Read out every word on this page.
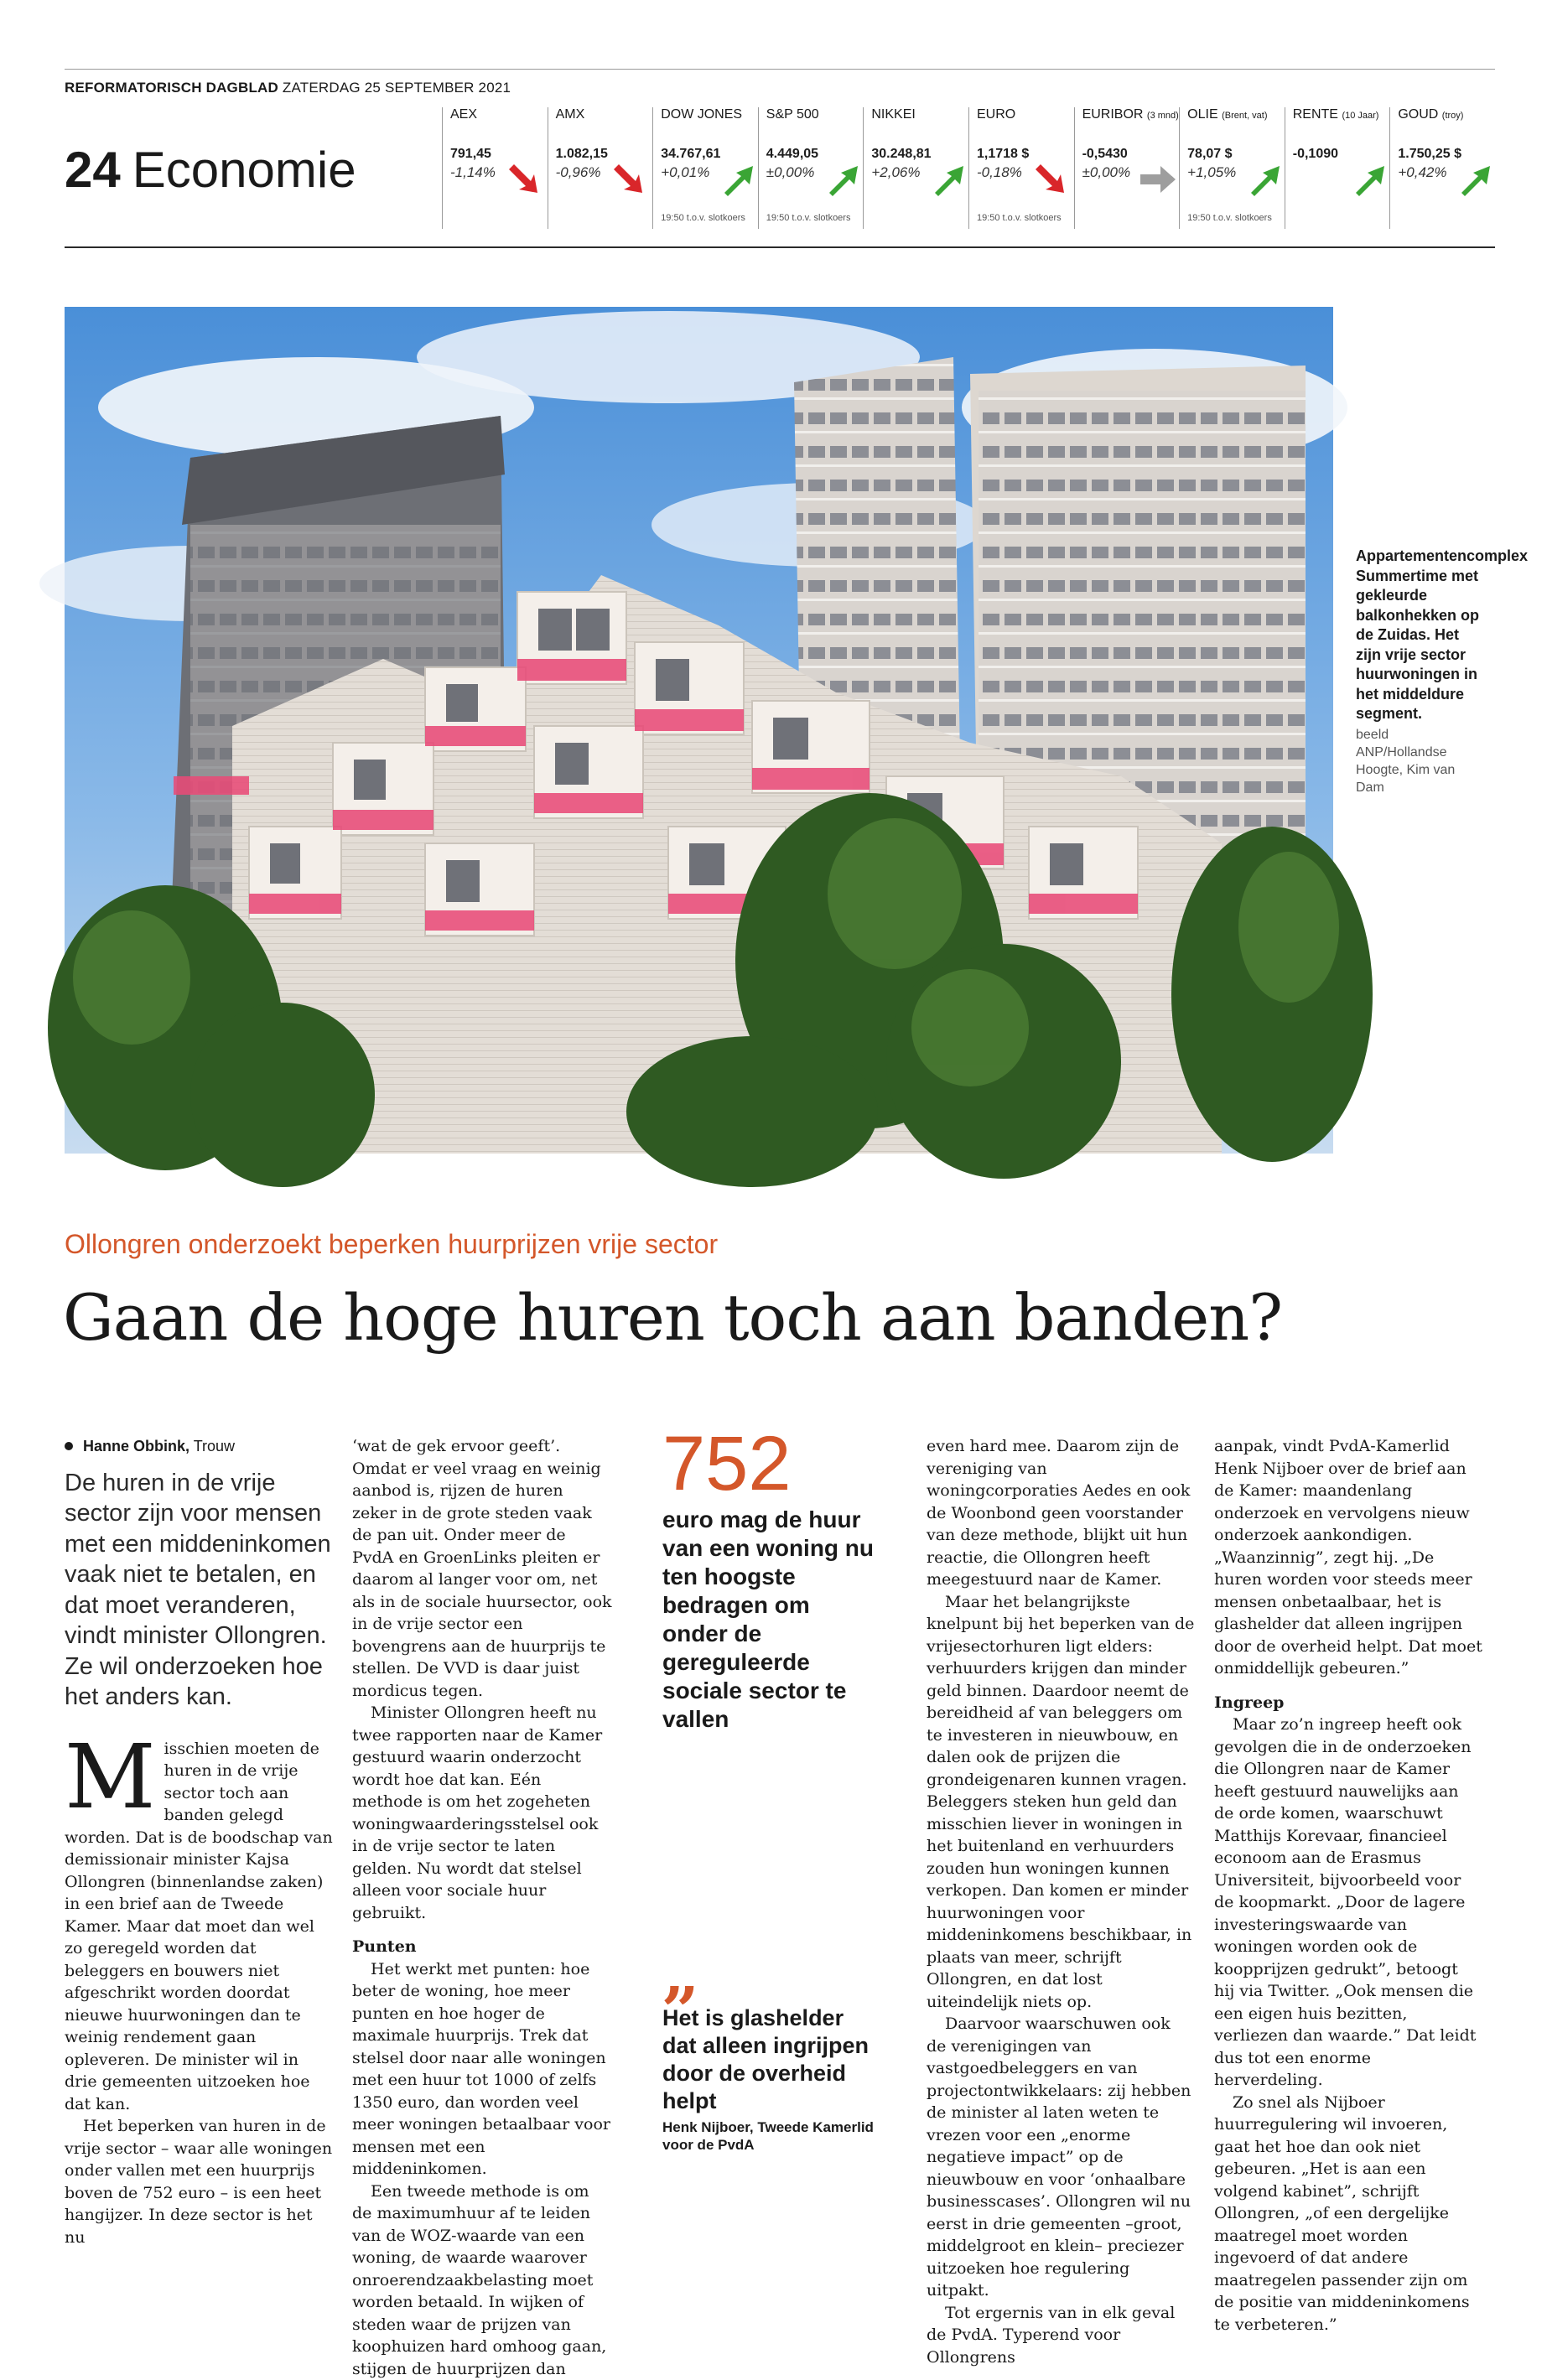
REFORMATORISCH DAGBLAD ZATERDAG 25 SEPTEMBER 2021
24 Economie
AEX
791,45
-1,14%
AMX
1.082,15
-0,96%
DOW JONES
34.767,61
+0,01%
19:50 t.o.v. slotkoers
S&P 500
4.449,05
±0,00%
19:50 t.o.v. slotkoers
NIKKEI
30.248,81
+2,06%
EURO
1,1718 $
-0,18%
19:50 t.o.v. slotkoers
EURIBOR (3 mnd)
-0,5430
±0,00%
OLIE (Brent, vat)
78,07 $
+1,05%
19:50 t.o.v. slotkoers
RENTE (10 Jaar)
-0,1090
GOUD (troy)
1.750,25 $
+0,42%
Appartementencomplex Summertime met gekleurde balkonhekken op de Zuidas. Het zijn vrije sector huurwoningen in het middeldure segment.
beeld ANP/Hollandse Hoogte, Kim van Dam
Ollongren onderzoekt beperken huurprijzen vrije sector
Gaan de hoge huren toch aan banden?
Hanne Obbink, Trouw
De huren in de vrije sector zijn voor mensen met een middeninkomen vaak niet te betalen, en dat moet veranderen, vindt minister Ollongren. Ze wil onderzoeken hoe het anders kan.

Misschien moeten de huren in de vrije sector toch aan banden gelegd worden. Dat is de boodschap van demissionair minister Kajsa Ollongren (binnenlandse zaken) in een brief aan de Tweede Kamer. Maar dat moet dan wel zo geregeld worden dat beleggers en bouwers niet afgeschrikt worden doordat nieuwe huurwoningen dan te weinig rendement gaan opleveren. De minister wil in drie gemeenten uitzoeken hoe dat kan.

Het beperken van huren in de vrije sector – waar alle woningen onder vallen met een huurprijs boven de 752 euro – is een heet hangijzer. In deze sector is het nu

‘wat de gek ervoor geeft’. Omdat er veel vraag en weinig aanbod is, rijzen de huren zeker in de grote steden vaak de pan uit. Onder meer de PvdA en GroenLinks pleiten er daarom al langer voor om, net als in de sociale huursector, ook in de vrije sector een bovengrens aan de huurprijs te stellen. De VVD is daar juist mordicus tegen.

Minister Ollongren heeft nu twee rapporten naar de Kamer gestuurd waarin onderzocht wordt hoe dat kan. Eén methode is om het zogeheten woningwaarderingsstelsel ook in de vrije sector te laten gelden. Nu wordt dat stelsel alleen voor sociale huur gebruikt.

Punten

Het werkt met punten: hoe beter de woning, hoe meer punten en hoe hoger de maximale huurprijs. Trek dat stelsel door naar alle woningen met een huur tot 1000 of zelfs 1350 euro, dan worden veel meer woningen betaalbaar voor mensen met een middeninkomen.

Een tweede methode is om de maximumhuur af te leiden van de WOZ-waarde van een woning, de waarde waarover onroerendzaakbelasting moet worden betaald. In wijken of steden waar de prijzen van koophuizen hard omhoog gaan, stijgen de huurprijzen dan

752
euro mag de huur van een woning nu ten hoogste bedragen om onder de gereguleerde sociale sector te vallen
„
Het is glashelder dat alleen ingrijpen door de overheid helpt
Henk Nijboer, Tweede Kamerlid voor de PvdA

even hard mee. Daarom zijn de vereniging van woningcorporaties Aedes en ook de Woonbond geen voorstander van deze methode, blijkt uit hun reactie, die Ollongren heeft meegestuurd naar de Kamer.

Maar het belangrijkste knelpunt bij het beperken van de vrijesectorhuren ligt elders: verhuurders krijgen dan minder geld binnen. Daardoor neemt de bereidheid af van beleggers om te investeren in nieuwbouw, en dalen ook de prijzen die grondeigenaren kunnen vragen. Beleggers steken hun geld dan misschien liever in woningen in het buitenland en verhuurders zouden hun woningen kunnen verkopen. Dan komen er minder huurwoningen voor middeninkomens beschikbaar, in plaats van meer, schrijft Ollongren, en dat lost uiteindelijk niets op.

Daarvoor waarschuwen ook de verenigingen van vastgoedbeleggers en van projectontwikkelaars: zij hebben de minister al laten weten te vrezen voor een „enorme negatieve impact” op de nieuwbouw en voor ‘onhaalbare businesscases’. Ollongren wil nu eerst in drie gemeenten –groot, middelgroot en klein– preciezer uitzoeken hoe regulering uitpakt.

Tot ergernis van in elk geval de PvdA. Typerend voor Ollongrens

aanpak, vindt PvdA-Kamerlid Henk Nijboer over de brief aan de Kamer: maandenlang onderzoek en vervolgens nieuw onderzoek aankondigen. „Waanzinnig”, zegt hij. „De huren worden voor steeds meer mensen onbetaalbaar, het is glashelder dat alleen ingrijpen door de overheid helpt. Dat moet onmiddellijk gebeuren.”

Ingreep

Maar zo’n ingreep heeft ook gevolgen die in de onderzoeken die Ollongren naar de Kamer heeft gestuurd nauwelijks aan de orde komen, waarschuwt Matthijs Korevaar, financieel econoom aan de Erasmus Universiteit, bijvoorbeeld voor de koopmarkt. „Door de lagere investeringswaarde van woningen worden ook de koopprijzen gedrukt”, betoogt hij via Twitter. „Ook mensen die een eigen huis bezitten, verliezen dan waarde.” Dat leidt dus tot een enorme herverdeling.

Zo snel als Nijboer huurregulering wil invoeren, gaat het hoe dan ook niet gebeuren. „Het is aan een volgend kabinet”, schrijft Ollongren, „of een dergelijke maatregel moet worden ingevoerd of dat andere maatregelen passender zijn om de positie van middeninkomens te verbeteren.”
